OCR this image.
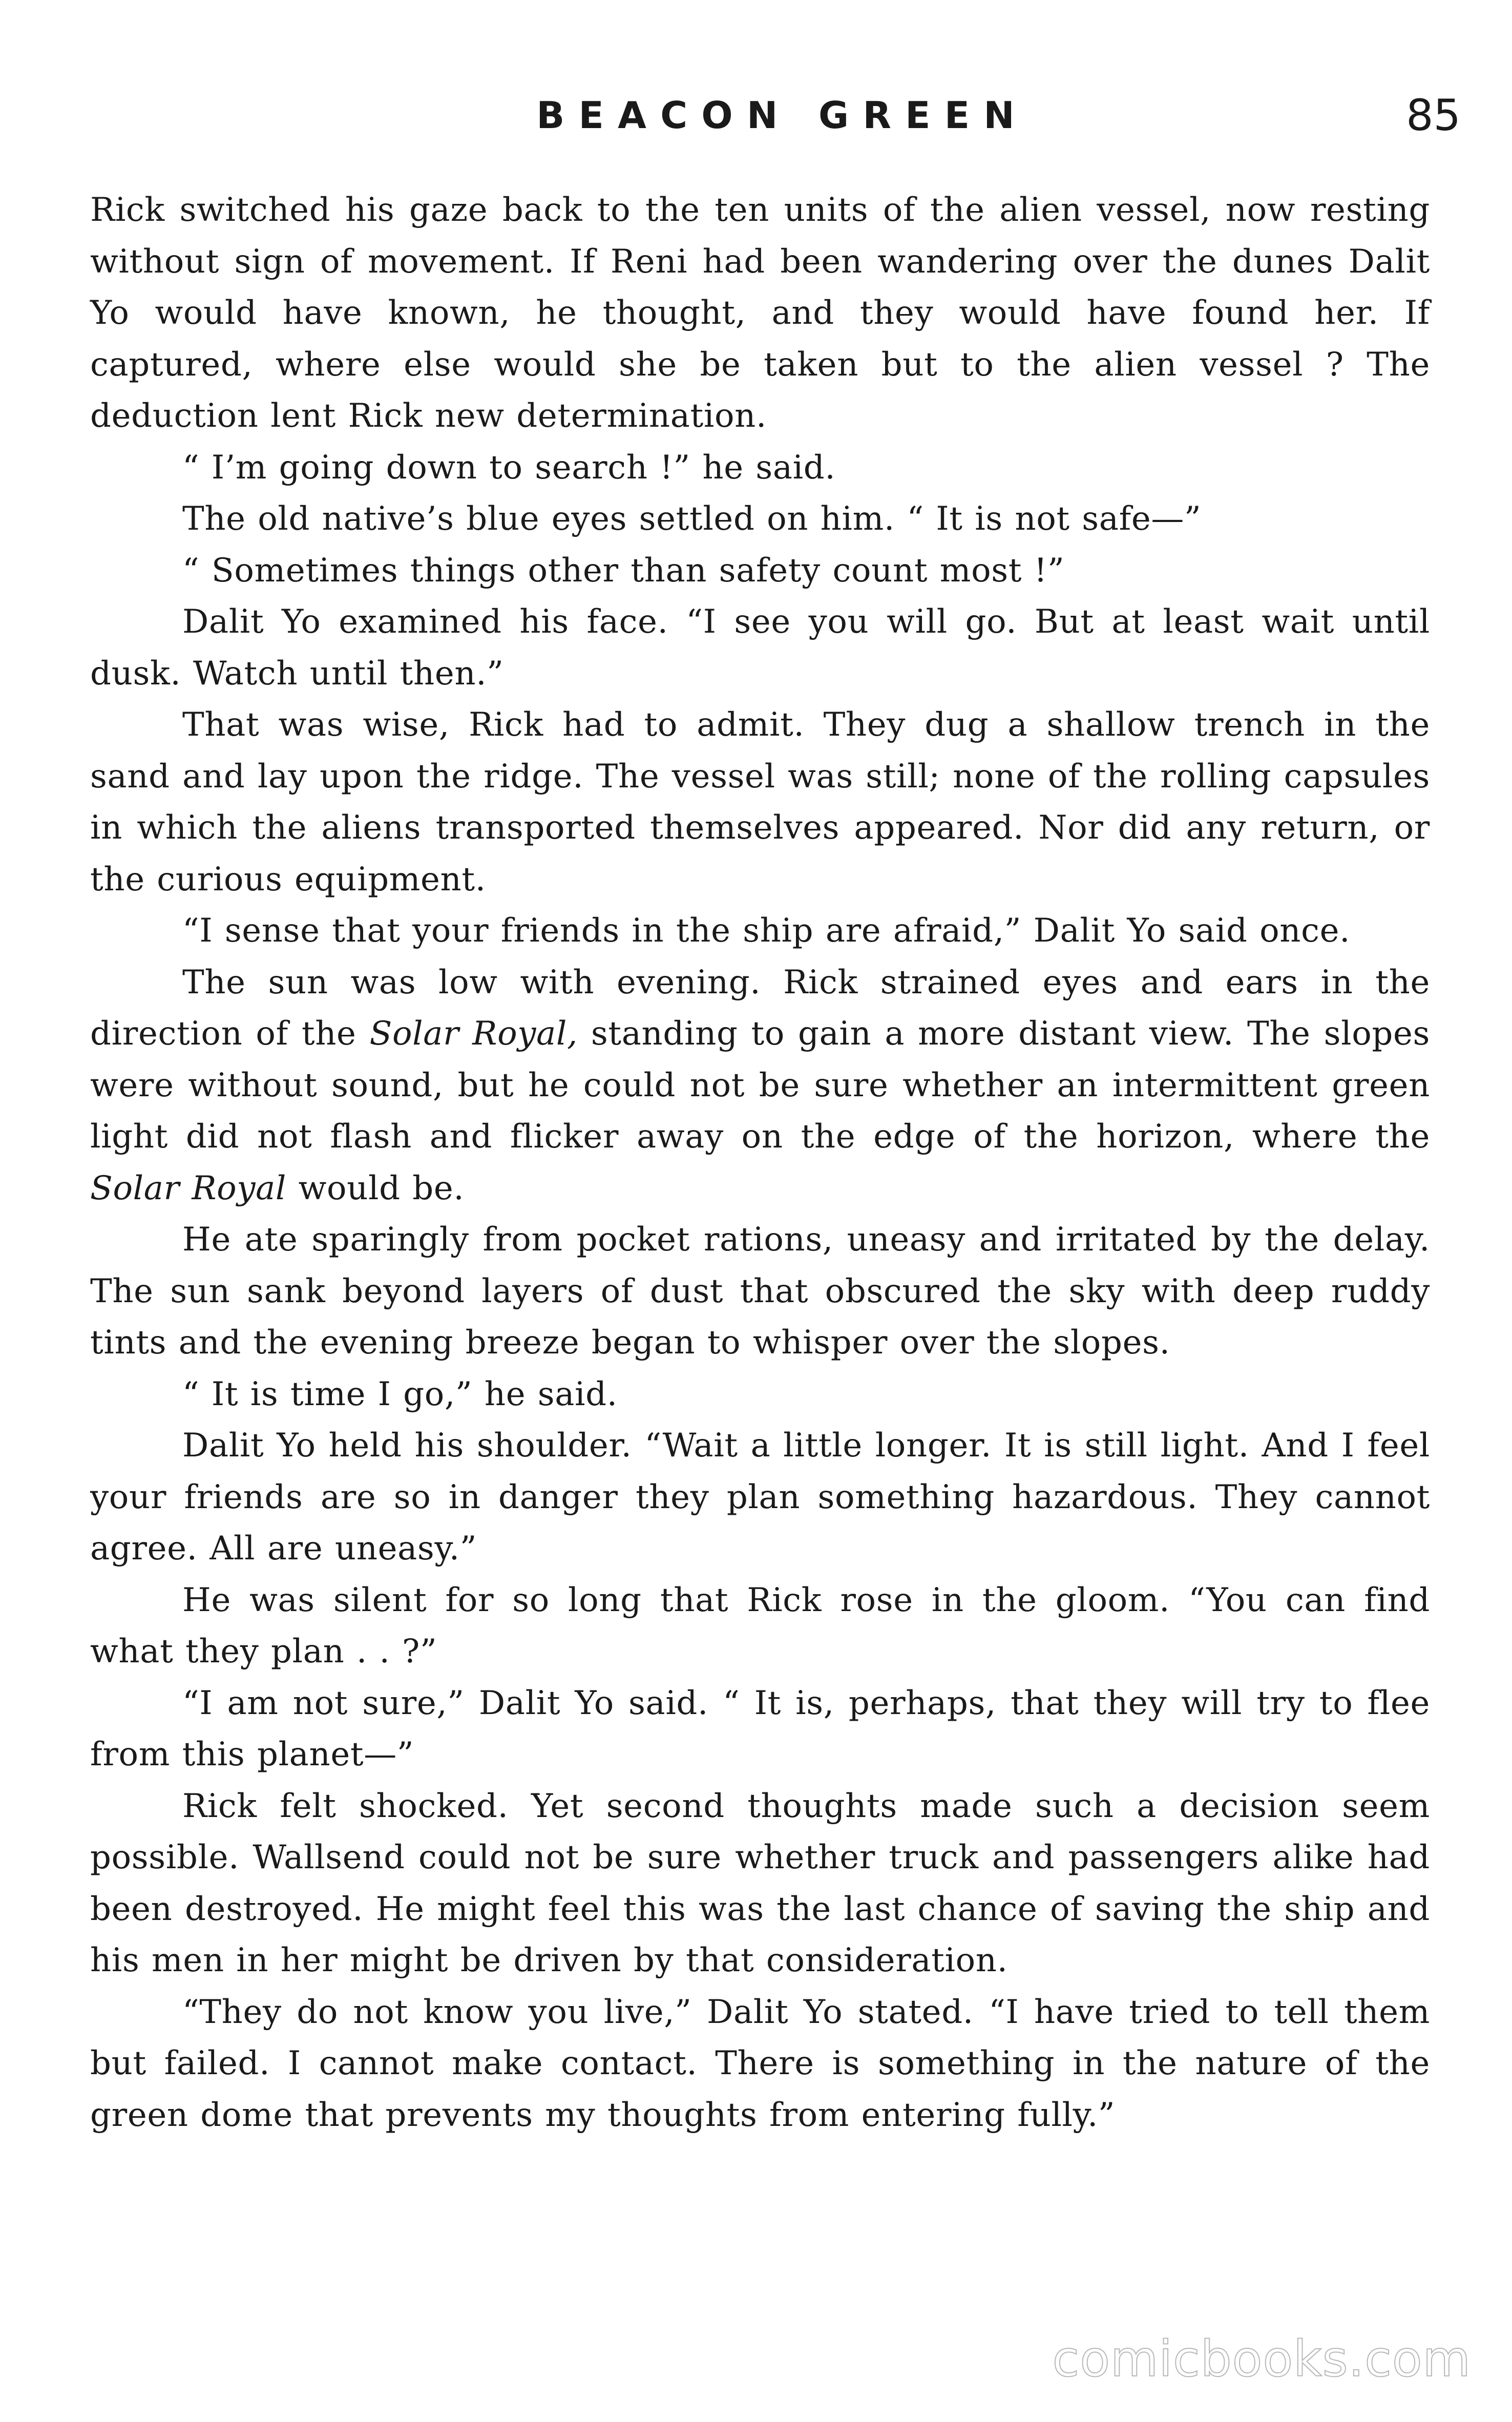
BEACON GREEN	85

Rick switched his gaze back to the ten units of the alien vessel, now resting without sign of movement. If Reni had been wandering over the dunes Dalit Yo would have known, he thought, and they would have found her. If captured, where else would she be taken but to the alien vessel ? The deduction lent Rick new determination.

“ I’m going down to search !” he said.

The old native’s blue eyes settled on him. “ It is not safe—”

“ Sometimes things other than safety count most !”

Dalit Yo examined his face. “I see you will go. But at least wait until dusk. Watch until then.”

That was wise, Rick had to admit. They dug a shallow trench in the sand and lay upon the ridge. The vessel was still; none of the rolling capsules in which the aliens transported themselves appeared. Nor did any return, or the curious equipment.

“I sense that your friends in the ship are afraid,” Dalit Yo said once.

The sun was low with evening. Rick strained eyes and ears in the direction of the Solar Royal, standing to gain a more distant view. The slopes were without sound, but he could not be sure whether an intermittent green light did not flash and flicker away on the edge of the horizon, where the Solar Royal would be.

He ate sparingly from pocket rations, uneasy and irritated by the delay. The sun sank beyond layers of dust that obscured the sky with deep ruddy tints and the evening breeze began to whisper over the slopes.

“ It is time I go,” he said.

Dalit Yo held his shoulder. “Wait a little longer. It is still light. And I feel your friends are so in danger they plan something hazardous. They cannot agree. All are uneasy.”

He was silent for so long that Rick rose in the gloom. “You can find what they plan . . ?”

“I am not sure,” Dalit Yo said. “ It is, perhaps, that they will try to flee from this planet—”

Rick felt shocked. Yet second thoughts made such a decision seem possible. Wallsend could not be sure whether truck and passengers alike had been destroyed. He might feel this was the last chance of saving the ship and his men in her might be driven by that consideration.

“They do not know you live,” Dalit Yo stated. “I have tried to tell them but failed. I cannot make contact. There is something in the nature of the green dome that prevents my thoughts from entering fully.”

comicbooks.com
